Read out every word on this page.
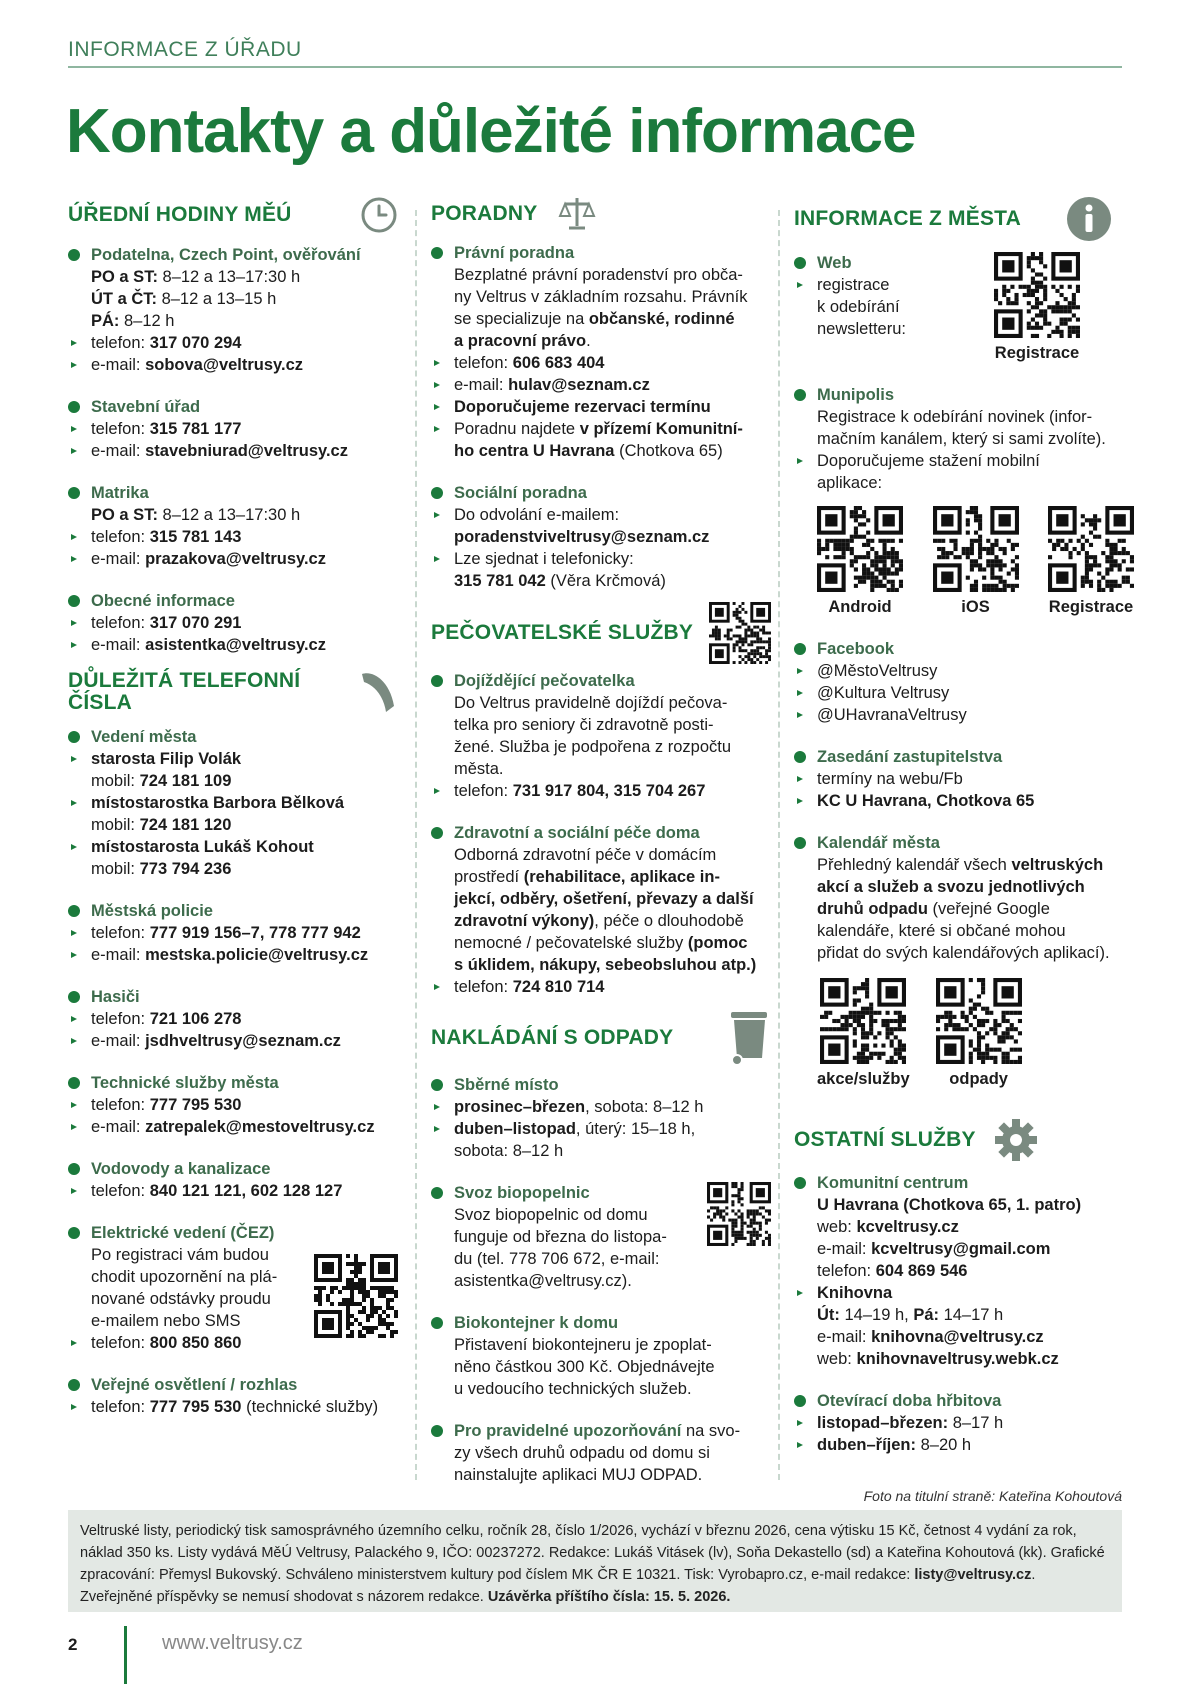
INFORMACE Z ÚŘADU
Kontakty a důležité informace
ÚŘEDNÍ HODINY MĚÚ
Podatelna, Czech Point, ověřování
PO a ST: 8–12 a 13–17:30 h
ÚT a ČT: 8–12 a 13–15 h
PÁ: 8–12 h
telefon: 317 070 294
e-mail: sobova@veltrusy.cz
Stavební úřad
telefon: 315 781 177
e-mail: stavebniurad@veltrusy.cz
Matrika
PO a ST: 8–12 a 13–17:30 h
telefon: 315 781 143
e-mail: prazakova@veltrusy.cz
Obecné informace
telefon: 317 070 291
e-mail: asistentka@veltrusy.cz
DŮLEŽITÁ TELEFONNÍ ČÍSLA
Vedení města
starosta Filip Volák
mobil: 724 181 109
místostarostka Barbora Bělková
mobil: 724 181 120
místostarosta Lukáš Kohout
mobil: 773 794 236
Městská policie
telefon: 777 919 156–7, 778 777 942
e-mail: mestska.policie@veltrusy.cz
Hasiči
telefon: 721 106 278
e-mail: jsdhveltrusy@seznam.cz
Technické služby města
telefon: 777 795 530
e-mail: zatrepalek@mestoveltrusy.cz
Vodovody a kanalizace
telefon: 840 121 121, 602 128 127
Elektrické vedení (ČEZ)
Po registraci vám budou
chodit upozornění na plá-
nované odstávky proudu
e-mailem nebo SMS
telefon: 800 850 860
Veřejné osvětlení / rozhlas
telefon: 777 795 530 (technické služby)
PORADNY
Právní poradna
Bezplatné právní poradenství pro obča-
ny Veltrus v základním rozsahu. Právník
se specializuje na občanské, rodinné
a pracovní právo.
telefon: 606 683 404
e-mail: hulav@seznam.cz
Doporučujeme rezervaci termínu
Poradnu najdete v přízemí Komunitní-
ho centra U Havrana (Chotkova 65)
Sociální poradna
Do odvolání e-mailem:
poradenstviveltrusy@seznam.cz
Lze sjednat i telefonicky:
315 781 042 (Věra Krčmová)
PEČOVATELSKÉ SLUŽBY
Dojíždějící pečovatelka
Do Veltrus pravidelně dojíždí pečova-
telka pro seniory či zdravotně posti-
žené. Služba je podpořena z rozpočtu
města.
telefon: 731 917 804, 315 704 267
Zdravotní a sociální péče doma
Odborná zdravotní péče v domácím
prostředí (rehabilitace, aplikace in-
jekcí, odběry, ošetření, převazy a další
zdravotní výkony), péče o dlouhodobě
nemocné / pečovatelské služby (pomoc
s úklidem, nákupy, sebeobsluhou atp.)
telefon: 724 810 714
NAKLÁDÁNÍ S ODPADY
Sběrné místo
prosinec–březen, sobota: 8–12 h
duben–listopad, úterý: 15–18 h,
sobota: 8–12 h
Svoz biopopelnic
Svoz biopopelnic od domu
funguje od března do listopa-
du (tel. 778 706 672, e-mail:
asistentka@veltrusy.cz).
Biokontejner k domu
Přistavení biokontejneru je zpoplat-
něno částkou 300 Kč. Objednávejte
u vedoucího technických služeb.
Pro pravidelné upozorňování na svo-
zy všech druhů odpadu od domu si
nainstalujte aplikaci MUJ ODPAD.
INFORMACE Z MĚSTA
Web
registrace
k odebírání
newsletteru:
Registrace
Munipolis
Registrace k odebírání novinek (infor-
mačním kanálem, který si sami zvolíte).
Doporučujeme stažení mobilní
aplikace:
Android	iOS	Registrace
Facebook
@MěstoVeltrusy
@Kultura Veltrusy
@UHavranaVeltrusy
Zasedání zastupitelstva
termíny na webu/Fb
KC U Havrana, Chotkova 65
Kalendář města
Přehledný kalendář všech veltruských
akcí a služeb a svozu jednotlivých
druhů odpadu (veřejné Google
kalendáře, které si občané mohou
přidat do svých kalendářových aplikací).
akce/služby odpady
OSTATNÍ SLUŽBY
Komunitní centrum
U Havrana (Chotkova 65, 1. patro)
web: kcveltrusy.cz
e-mail: kcveltrusy@gmail.com
telefon: 604 869 546
Knihovna
Út: 14–19 h, Pá: 14–17 h
e-mail: knihovna@veltrusy.cz
web: knihovnaveltrusy.webk.cz
Otevírací doba hřbitova
listopad–březen: 8–17 h
duben–říjen: 8–20 h
Foto na titulní straně: Kateřina Kohoutová
Veltruské listy, periodický tisk samosprávného územního celku, ročník 28, číslo 1/2026, vychází v březnu 2026, cena výtisku 15 Kč, četnost 4 vydání za rok, náklad 350 ks. Listy vydává MěÚ Veltrusy, Palackého 9, IČO: 00237272. Redakce: Lukáš Vitásek (lv), Soňa Dekastello (sd) a Kateřina Kohoutová (kk). Grafické zpracování: Přemysl Bukovský. Schváleno ministerstvem kultury pod číslem MK ČR E 10321. Tisk: Vyrobapro.cz, e-mail redakce: listy@veltrusy.cz. Zveřejněné příspěvky se nemusí shodovat s názorem redakce. Uzávěrka příštího čísla: 15. 5. 2026.
2	www.veltrusy.cz
